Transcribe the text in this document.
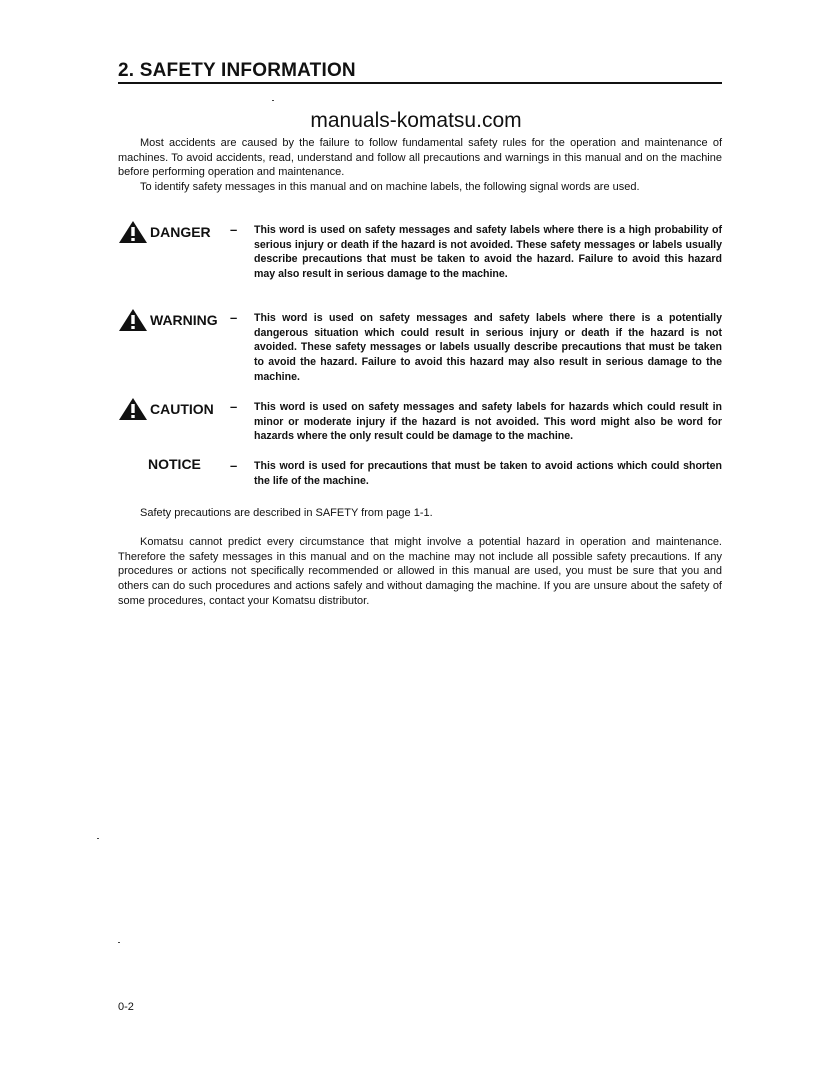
2. SAFETY INFORMATION
manuals-komatsu.com
Most accidents are caused by the failure to follow fundamental safety rules for the operation and maintenance of machines. To avoid accidents, read, understand and follow all precautions and warnings in this manual and on the machine before performing operation and maintenance.
To identify safety messages in this manual and on machine labels, the following signal words are used.
DANGER – This word is used on safety messages and safety labels where there is a high probability of serious injury or death if the hazard is not avoided. These safety messages or labels usually describe precautions that must be taken to avoid the hazard. Failure to avoid this hazard may also result in serious damage to the machine.
WARNING – This word is used on safety messages and safety labels where there is a potentially dangerous situation which could result in serious injury or death if the hazard is not avoided. These safety messages or labels usually describe precautions that must be taken to avoid the hazard. Failure to avoid this hazard may also result in serious damage to the machine.
CAUTION – This word is used on safety messages and safety labels for hazards which could result in minor or moderate injury if the hazard is not avoided. This word might also be word for hazards where the only result could be damage to the machine.
NOTICE – This word is used for precautions that must be taken to avoid actions which could shorten the life of the machine.
Safety precautions are described in SAFETY from page 1-1.
Komatsu cannot predict every circumstance that might involve a potential hazard in operation and maintenance. Therefore the safety messages in this manual and on the machine may not include all possible safety precautions. If any procedures or actions not specifically recommended or allowed in this manual are used, you must be sure that you and others can do such procedures and actions safely and without damaging the machine. If you are unsure about the safety of some procedures, contact your Komatsu distributor.
0-2
